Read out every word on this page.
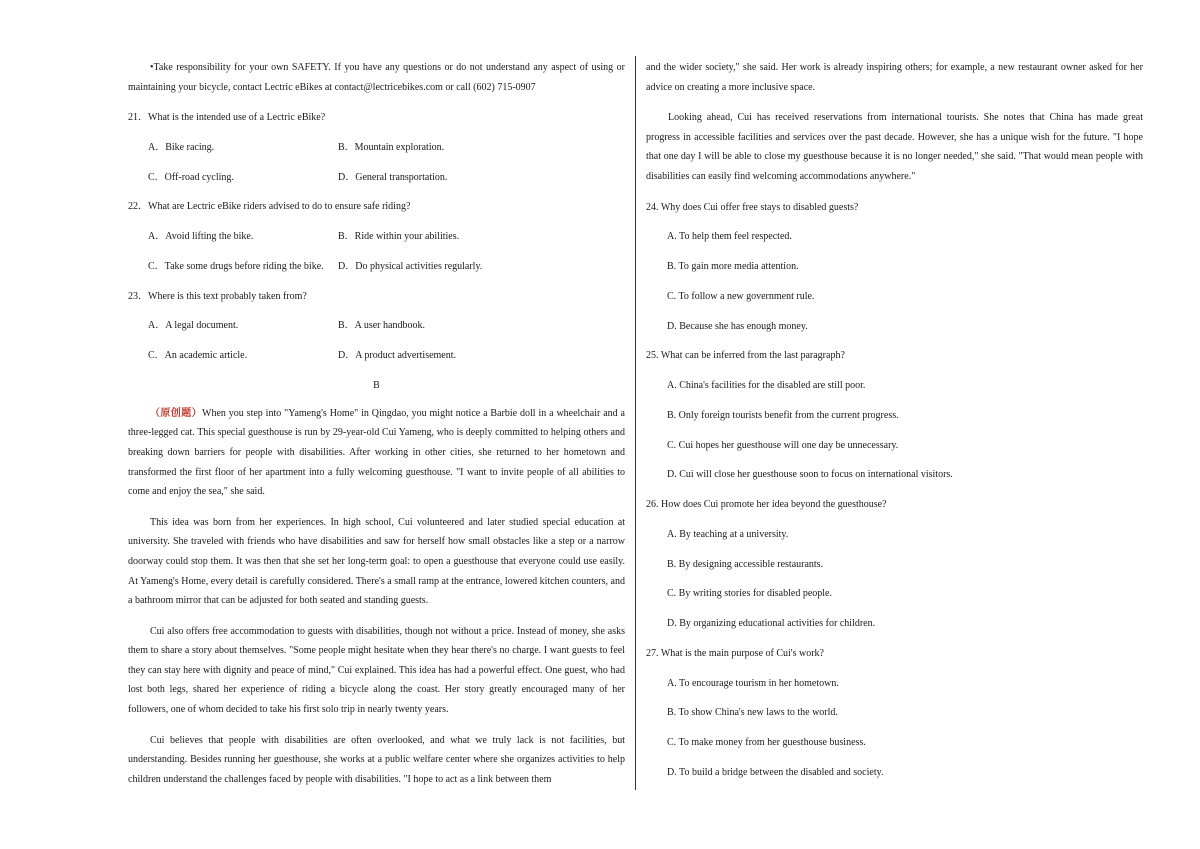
•Take responsibility for your own SAFETY. If you have any questions or do not understand any aspect of using or maintaining your bicycle, contact Lectric eBikes at contact@lectricebikes.com or call (602) 715-0907

21．What is the intended use of a Lectric eBike?

A．Bike racing.	B．Mountain exploration.
C．Off-road cycling.	D．General transportation.

22．What are Lectric eBike riders advised to do to ensure safe riding?

A．Avoid lifting the bike.	B．Ride within your abilities.
C．Take some drugs before riding the bike.	D．Do physical activities regularly.

23．Where is this text probably taken from?

A．A legal document.	B．A user handbook.
C．An academic article.	D．A product advertisement.

B

（原创题）When you step into "Yameng's Home" in Qingdao, you might notice a Barbie doll in a wheelchair and a three-legged cat. This special guesthouse is run by 29-year-old Cui Yameng, who is deeply committed to helping others and breaking down barriers for people with disabilities. After working in other cities, she returned to her hometown and transformed the first floor of her apartment into a fully welcoming guesthouse. "I want to invite people of all abilities to come and enjoy the sea," she said.

This idea was born from her experiences. In high school, Cui volunteered and later studied special education at university. She traveled with friends who have disabilities and saw for herself how small obstacles like a step or a narrow doorway could stop them. It was then that she set her long-term goal: to open a guesthouse that everyone could use easily. At Yameng's Home, every detail is carefully considered. There's a small ramp at the entrance, lowered kitchen counters, and a bathroom mirror that can be adjusted for both seated and standing guests.

Cui also offers free accommodation to guests with disabilities, though not without a price. Instead of money, she asks them to share a story about themselves. "Some people might hesitate when they hear there's no charge. I want guests to feel they can stay here with dignity and peace of mind," Cui explained. This idea has had a powerful effect. One guest, who had lost both legs, shared her experience of riding a bicycle along the coast. Her story greatly encouraged many of her followers, one of whom decided to take his first solo trip in nearly twenty years.

Cui believes that people with disabilities are often overlooked, and what we truly lack is not facilities, but understanding. Besides running her guesthouse, she works at a public welfare center where she organizes activities to help children understand the challenges faced by people with disabilities. "I hope to act as a link between them

and the wider society," she said. Her work is already inspiring others; for example, a new restaurant owner asked for her advice on creating a more inclusive space.

Looking ahead, Cui has received reservations from international tourists. She notes that China has made great progress in accessible facilities and services over the past decade. However, she has a unique wish for the future. "I hope that one day I will be able to close my guesthouse because it is no longer needed," she said. "That would mean people with disabilities can easily find welcoming accommodations anywhere."

24. Why does Cui offer free stays to disabled guests?

A. To help them feel respected.
B. To gain more media attention.
C. To follow a new government rule.
D. Because she has enough money.

25. What can be inferred from the last paragraph?

A. China's facilities for the disabled are still poor.
B. Only foreign tourists benefit from the current progress.
C. Cui hopes her guesthouse will one day be unnecessary.
D. Cui will close her guesthouse soon to focus on international visitors.

26. How does Cui promote her idea beyond the guesthouse?

A. By teaching at a university.
B. By designing accessible restaurants.
C. By writing stories for disabled people.
D. By organizing educational activities for children.

27. What is the main purpose of Cui's work?

A. To encourage tourism in her hometown.
B. To show China's new laws to the world.
C. To make money from her guesthouse business.
D. To build a bridge between the disabled and society.
